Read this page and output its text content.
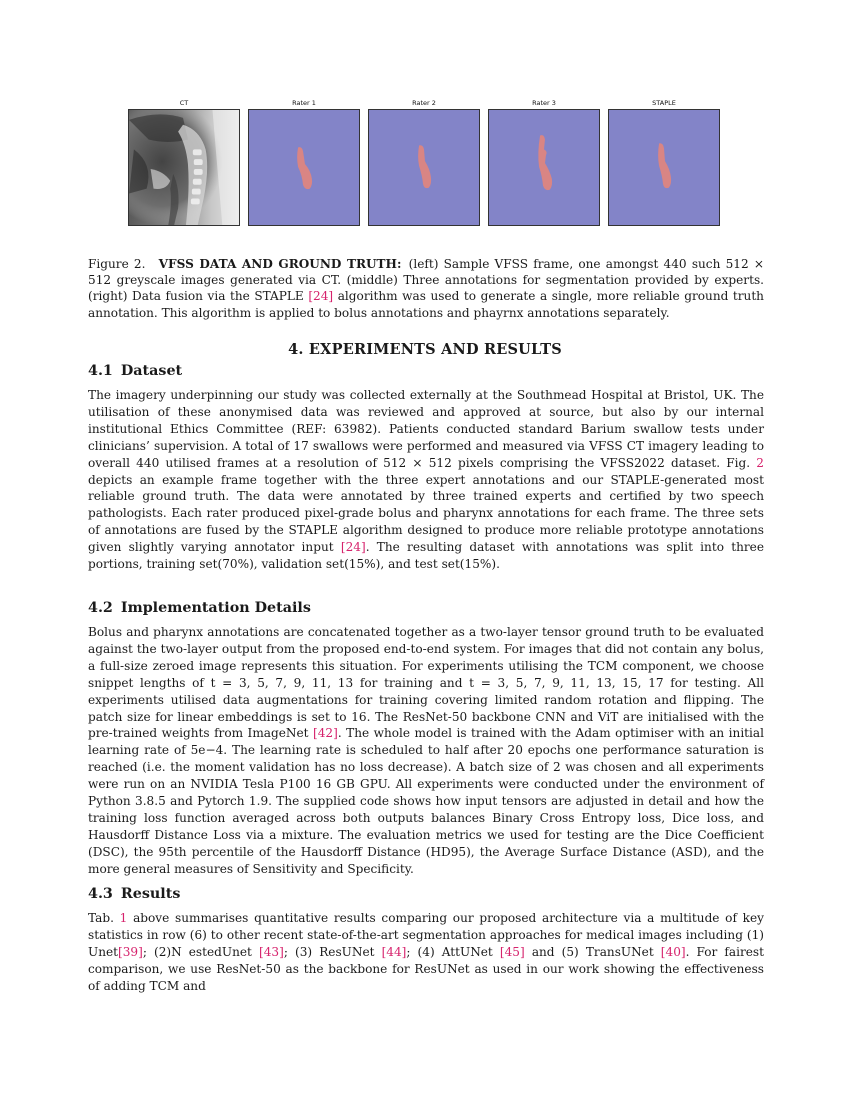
CT	Rater 1	Rater 2	Rater 3	STAPLE
Figure 2. VFSS DATA AND GROUND TRUTH: (left) Sample VFSS frame, one amongst 440 such 512 × 512 greyscale images generated via CT. (middle) Three annotations for segmentation provided by experts. (right) Data fusion via the STAPLE [24] algorithm was used to generate a single, more reliable ground truth annotation. This algorithm is applied to bolus annotations and phayrnx annotations separately.
4. EXPERIMENTS AND RESULTS
4.1 Dataset
The imagery underpinning our study was collected externally at the Southmead Hospital at Bristol, UK. The utilisation of these anonymised data was reviewed and approved at source, but also by our internal institutional Ethics Committee (REF: 63982). Patients conducted standard Barium swallow tests under clinicians’ supervision. A total of 17 swallows were performed and measured via VFSS CT imagery leading to overall 440 utilised frames at a resolution of 512 × 512 pixels comprising the VFSS2022 dataset. Fig. 2 depicts an example frame together with the three expert annotations and our STAPLE-generated most reliable ground truth. The data were annotated by three trained experts and certified by two speech pathologists. Each rater produced pixel-grade bolus and pharynx annotations for each frame. The three sets of annotations are fused by the STAPLE algorithm designed to produce more reliable prototype annotations given slightly varying annotator input [24]. The resulting dataset with annotations was split into three portions, training set(70%), validation set(15%), and test set(15%).
4.2 Implementation Details
Bolus and pharynx annotations are concatenated together as a two-layer tensor ground truth to be evaluated against the two-layer output from the proposed end-to-end system. For images that did not contain any bolus, a full-size zeroed image represents this situation. For experiments utilising the TCM component, we choose snippet lengths of t = 3, 5, 7, 9, 11, 13 for training and t = 3, 5, 7, 9, 11, 13, 15, 17 for testing. All experiments utilised data augmentations for training covering limited random rotation and flipping. The patch size for linear embeddings is set to 16. The ResNet-50 backbone CNN and ViT are initialised with the pre-trained weights from ImageNet [42]. The whole model is trained with the Adam optimiser with an initial learning rate of 5e−4. The learning rate is scheduled to half after 20 epochs one performance saturation is reached (i.e. the moment validation has no loss decrease). A batch size of 2 was chosen and all experiments were run on an NVIDIA Tesla P100 16 GB GPU. All experiments were conducted under the environment of Python 3.8.5 and Pytorch 1.9. The supplied code shows how input tensors are adjusted in detail and how the training loss function averaged across both outputs balances Binary Cross Entropy loss, Dice loss, and Hausdorff Distance Loss via a mixture. The evaluation metrics we used for testing are the Dice Coefficient (DSC), the 95th percentile of the Hausdorff Distance (HD95), the Average Surface Distance (ASD), and the more general measures of Sensitivity and Specificity.
4.3 Results
Tab. 1 above summarises quantitative results comparing our proposed architecture via a multitude of key statistics in row (6) to other recent state-of-the-art segmentation approaches for medical images including (1) Unet[39]; (2)N estedUnet [43]; (3) ResUNet [44]; (4) AttUNet [45] and (5) TransUNet [40]. For fairest comparison, we use ResNet-50 as the backbone for ResUNet as used in our work showing the effectiveness of adding TCM and
